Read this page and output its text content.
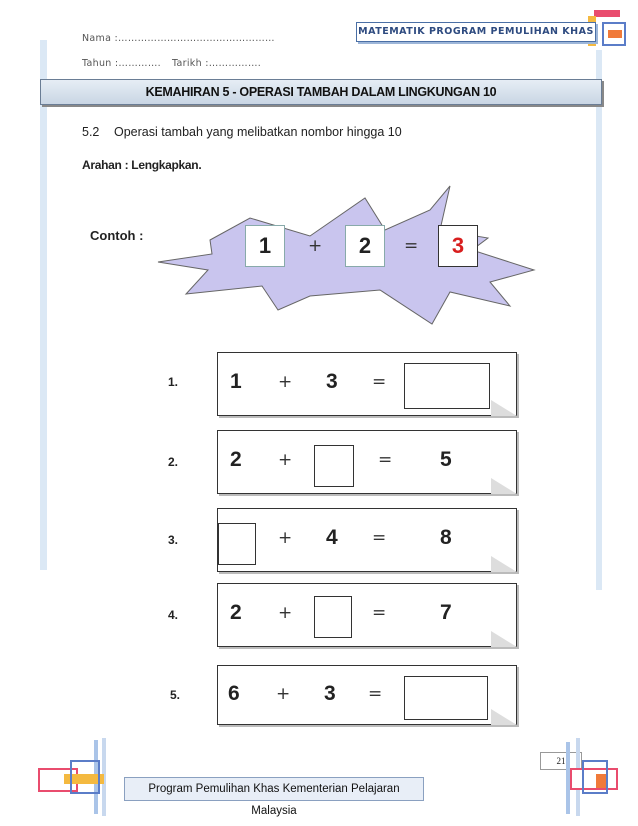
Nama :…………………………………………
Tahun :…………. Tarikh :…………….
MATEMATIK PROGRAM PEMULIHAN KHAS
KEMAHIRAN 5 - OPERASI TAMBAH DALAM LINGKUNGAN 10
5.2 Operasi tambah yang melibatkan nombor hingga 10
Arahan : Lengkapkan.
Contoh :	1	+	2	=	3
1. 1 + 3 =
2. 2 +	= 5
3.	+ 4 =	8
4. 2 +	=	7
5. 6 + 3 =
21
Program Pemulihan Khas Kementerian Pelajaran Malaysia
